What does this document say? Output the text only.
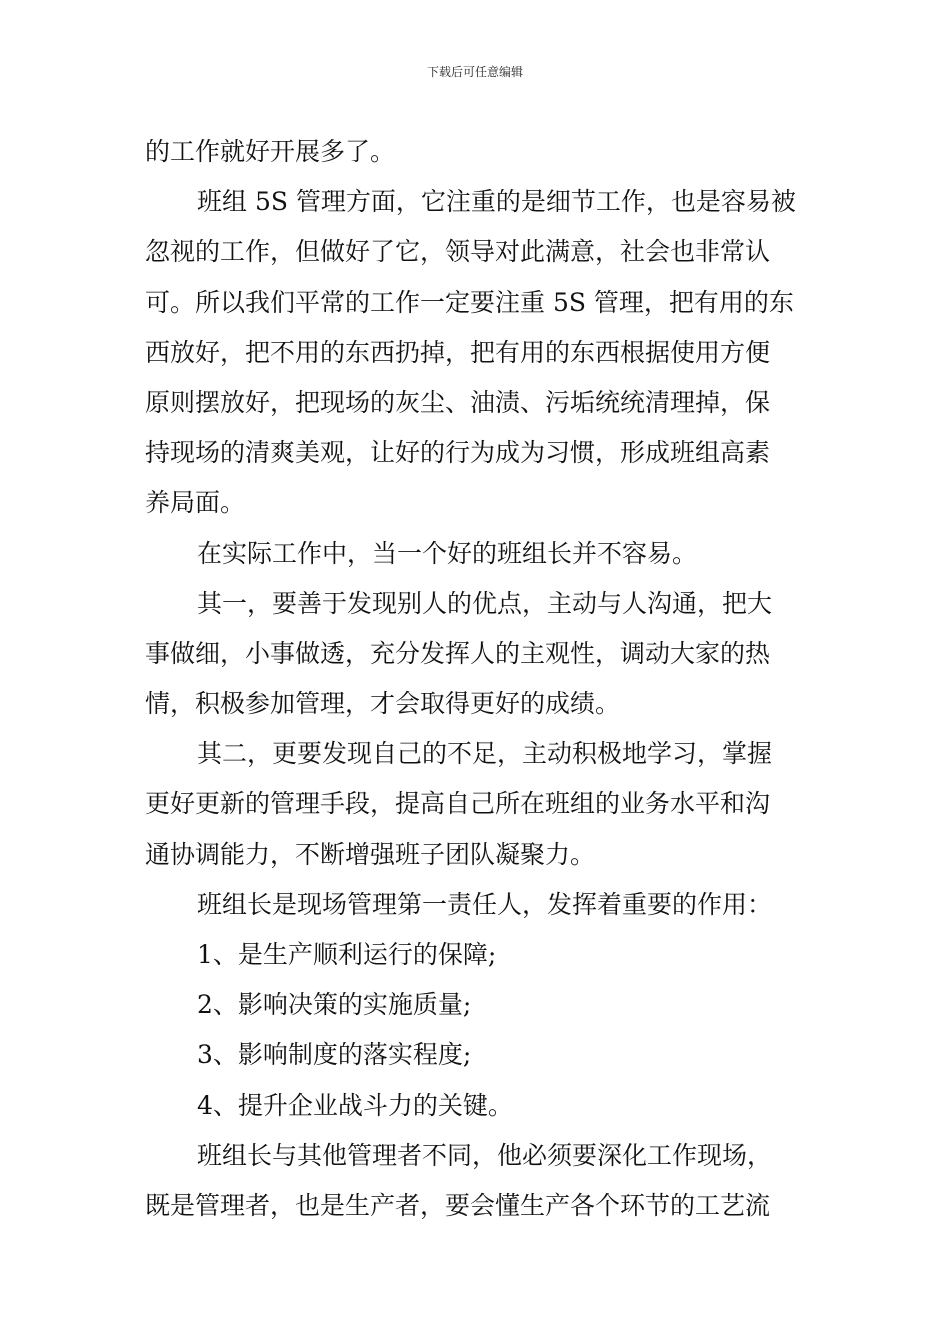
下载后可任意编辑
的工作就好开展多了。
班组 5S 管理方面，它注重的是细节工作，也是容易被
忽视的工作，但做好了它，领导对此满意，社会也非常认
可。所以我们平常的工作一定要注重 5S 管理，把有用的东
西放好，把不用的东西扔掉，把有用的东西根据使用方便
原则摆放好，把现场的灰尘、油渍、污垢统统清理掉，保
持现场的清爽美观，让好的行为成为习惯，形成班组高素
养局面。
在实际工作中，当一个好的班组长并不容易。
其一，要善于发现别人的优点，主动与人沟通，把大
事做细，小事做透，充分发挥人的主观性，调动大家的热
情，积极参加管理，才会取得更好的成绩。
其二，更要发现自己的不足，主动积极地学习，掌握
更好更新的管理手段，提高自己所在班组的业务水平和沟
通协调能力，不断增强班子团队凝聚力。
班组长是现场管理第一责任人，发挥着重要的作用：
1、是生产顺利运行的保障;
2、影响决策的实施质量;
3、影响制度的落实程度;
4、提升企业战斗力的关键。
班组长与其他管理者不同，他必须要深化工作现场，
既是管理者，也是生产者，要会懂生产各个环节的工艺流
